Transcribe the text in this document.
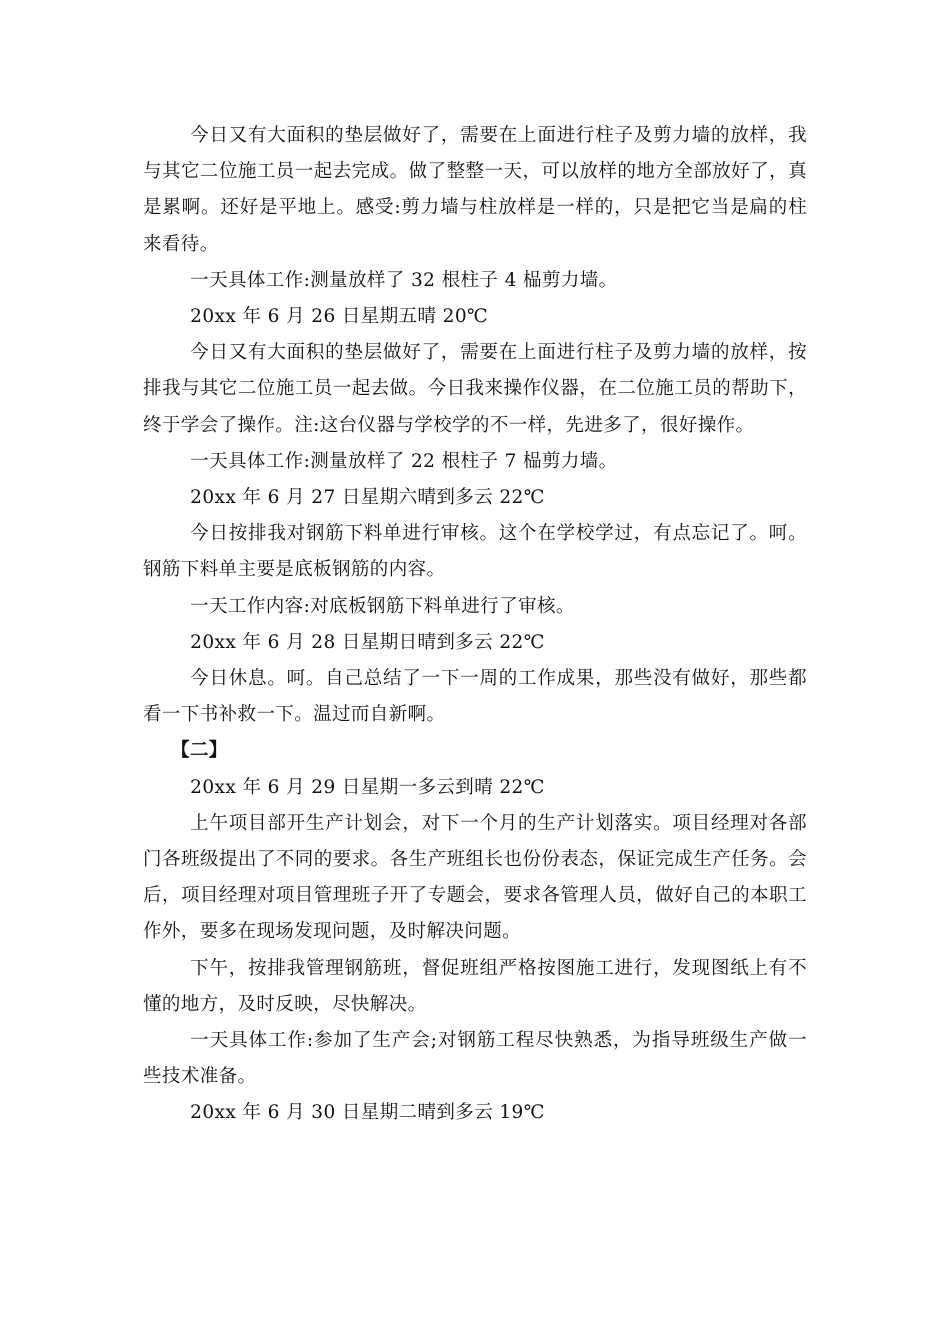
今日又有大面积的垫层做好了，需要在上面进行柱子及剪力墙的放样，我与其它二位施工员一起去完成。做了整整一天，可以放样的地方全部放好了，真是累啊。还好是平地上。感受:剪力墙与柱放样是一样的，只是把它当是扁的柱来看待。

一天具体工作:测量放样了 32 根柱子 4 榀剪力墙。

20xx 年 6 月 26 日星期五晴 20℃

今日又有大面积的垫层做好了，需要在上面进行柱子及剪力墙的放样，按排我与其它二位施工员一起去做。今日我来操作仪器，在二位施工员的帮助下，终于学会了操作。注:这台仪器与学校学的不一样，先进多了，很好操作。

一天具体工作:测量放样了 22 根柱子 7 榀剪力墙。

20xx 年 6 月 27 日星期六晴到多云 22℃

今日按排我对钢筋下料单进行审核。这个在学校学过，有点忘记了。呵。钢筋下料单主要是底板钢筋的内容。

一天工作内容:对底板钢筋下料单进行了审核。

20xx 年 6 月 28 日星期日晴到多云 22℃

今日休息。呵。自己总结了一下一周的工作成果，那些没有做好，那些都看一下书补救一下。温过而自新啊。

【二】

20xx 年 6 月 29 日星期一多云到晴 22℃

上午项目部开生产计划会，对下一个月的生产计划落实。项目经理对各部门各班级提出了不同的要求。各生产班组长也份份表态，保证完成生产任务。会后，项目经理对项目管理班子开了专题会，要求各管理人员，做好自己的本职工作外，要多在现场发现问题，及时解决问题。

下午，按排我管理钢筋班，督促班组严格按图施工进行，发现图纸上有不懂的地方，及时反映，尽快解决。

一天具体工作:参加了生产会;对钢筋工程尽快熟悉，为指导班级生产做一些技术准备。

20xx 年 6 月 30 日星期二晴到多云 19℃
